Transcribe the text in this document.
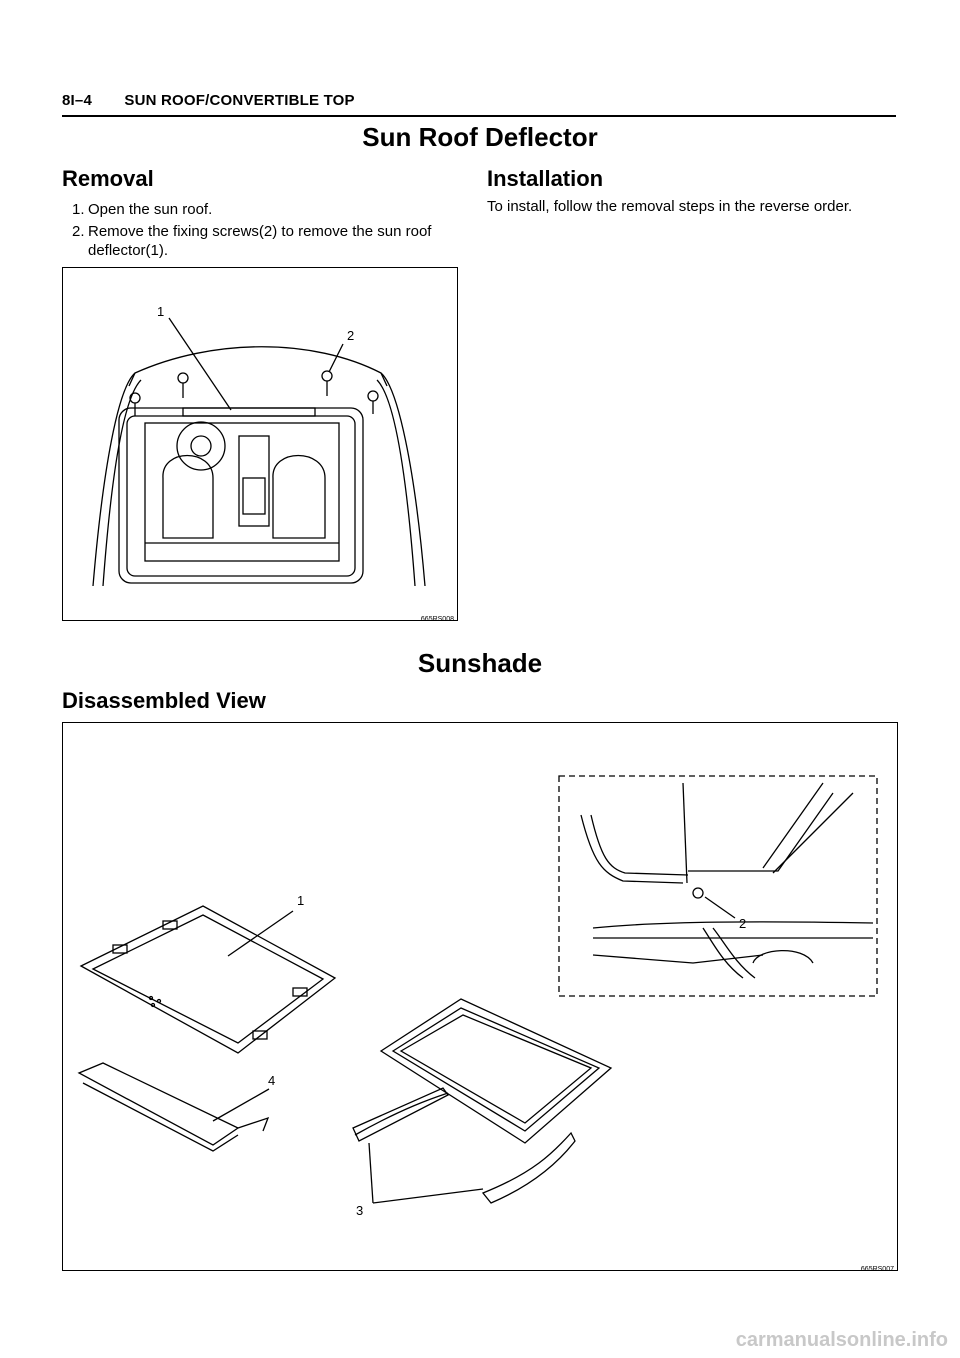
8I–4 SUN ROOF/CONVERTIBLE TOP
Sun Roof Deflector
Removal
1. Open the sun roof.
2. Remove the fixing screws(2) to remove the sun roof deflector(1).
Installation
To install, follow the removal steps in the reverse order.
1
2
665RS008
Sunshade
Disassembled View
1
4
3
2
665RS007
carmanualsonline.info
